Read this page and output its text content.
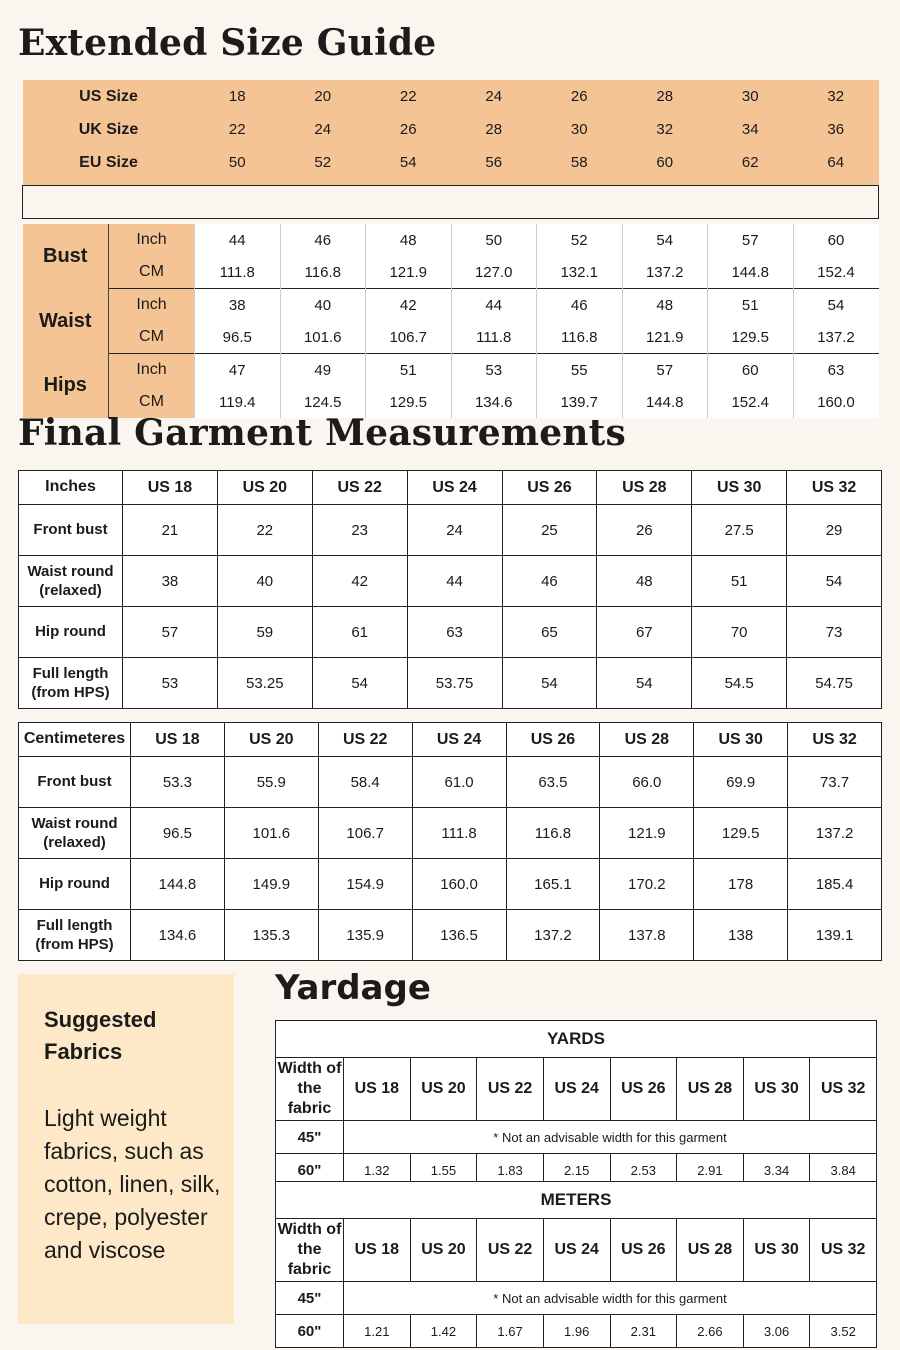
Extended Size Guide
US Size		18	20	22	24	26	28	30	32
UK Size		22	24	26	28	30	32	34	36
EU Size		50	52	54	56	58	60	62	64

Bust	Inch	44	46	48	50	52	54	57	60
	CM	111.8	116.8	121.9	127.0	132.1	137.2	144.8	152.4
Waist	Inch	38	40	42	44	46	48	51	54
	CM	96.5	101.6	106.7	111.8	116.8	121.9	129.5	137.2
Hips	Inch	47	49	51	53	55	57	60	63
	CM	119.4	124.5	129.5	134.6	139.7	144.8	152.4	160.0
Final Garment Measurements
Inches	US 18	US 20	US 22	US 24	US 26	US 28	US 30	US 32

Front bust	21	22	23	24	25	26	27.5	29

Waist round
(relaxed)	38	40	42	44	46	48	51	54

Hip round	57	59	61	63	65	67	70	73

Full length
(from HPS)	53	53.25	54	53.75	54	54	54.5	54.75
Centimeteres	US 18	US 20	US 22	US 24	US 26	US 28	US 30	US 32

Front bust	53.3	55.9	58.4	61.0	63.5	66.0	69.9	73.7

Waist round
(relaxed)	96.5	101.6	106.7	111.8	116.8	121.9	129.5	137.2

Hip round	144.8	149.9	154.9	160.0	165.1	170.2	178	185.4

Full length
(from HPS)	134.6	135.3	135.9	136.5	137.2	137.8	138	139.1
Suggested
Fabrics
Light weight fabrics, such as cotton, linen, silk, crepe, polyester and viscose
Yardage
YARDS								

Width of
the fabric	US 18	US 20	US 22	US 24	US 26	US 28	US 30	US 32
45"	* Not an advisable width for this garment							
60"	1.32	1.55	1.83	2.15	2.53	2.91	3.34	3.84
METERS								

Width of
the fabric	US 18	US 20	US 22	US 24	US 26	US 28	US 30	US 32
45"	* Not an advisable width for this garment							
60"	1.21	1.42	1.67	1.96	2.31	2.66	3.06	3.52
